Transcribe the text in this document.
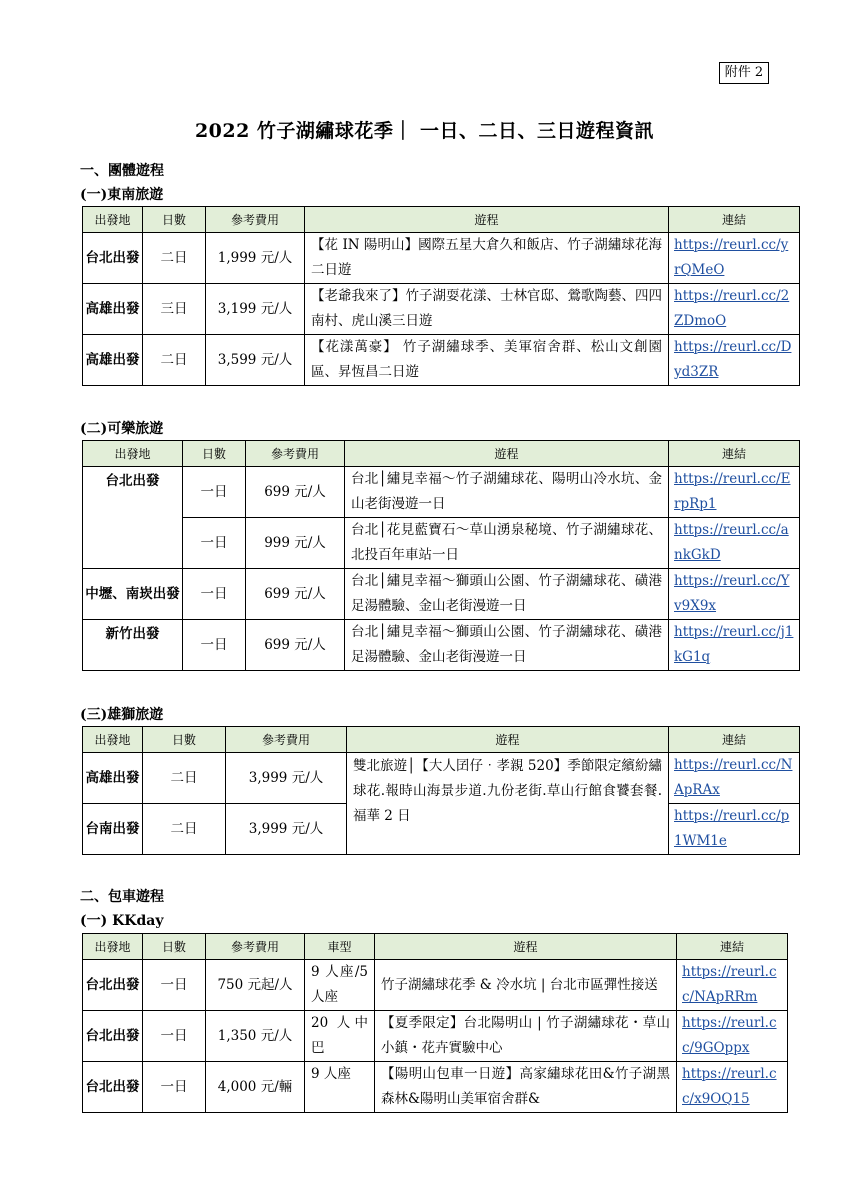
附件 2
2022 竹子湖繡球花季｜ 一日、二日、三日遊程資訊
一、團體遊程
(一)東南旅遊
出發地	日數	參考費用	遊程	連結
台北出發	二日	1,999 元/人	【花 IN 陽明山】國際五星大倉久和飯店、竹子湖繡球花海二日遊	https://reurl.cc/yrQMeO
高雄出發	三日	3,199 元/人	【老爺我來了】竹子湖耍花漾、士林官邸、鶯歌陶藝、四四南村、虎山溪三日遊	https://reurl.cc/2ZDmoO
高雄出發	二日	3,599 元/人	【花漾萬豪】 竹子湖繡球季、美軍宿舍群、松山文創園區、昇恆昌二日遊	https://reurl.cc/Dyd3ZR
(二)可樂旅遊
出發地	日數	參考費用	遊程	連結
台北出發	一日	699 元/人	台北│繡見幸福～竹子湖繡球花、陽明山冷水坑、金山老街漫遊一日	https://reurl.cc/ErpRp1
	一日	999 元/人	台北│花見藍寶石～草山湧泉秘境、竹子湖繡球花、北投百年車站一日	https://reurl.cc/ankGkD
中壢、南崁出發	一日	699 元/人	台北│繡見幸福～獅頭山公園、竹子湖繡球花、磺港足湯體驗、金山老街漫遊一日	https://reurl.cc/Yv9X9x
新竹出發	一日	699 元/人	台北│繡見幸福～獅頭山公園、竹子湖繡球花、磺港足湯體驗、金山老街漫遊一日	https://reurl.cc/j1kG1q
(三)雄獅旅遊
出發地	日數	參考費用	遊程	連結
高雄出發	二日	3,999 元/人	雙北旅遊│【大人囝仔‧孝親 520】季節限定繽紛繡球花.報時山海景步道.九份老街.草山行館食饕套餐.福華 2 日	https://reurl.cc/NApRAx
台南出發	二日	3,999 元/人		https://reurl.cc/p1WM1e
二、包車遊程
(一) KKday
出發地	日數	參考費用	車型	遊程	連結
台北出發	一日	750 元起/人	9 人座/5 人座	竹子湖繡球花季 & 冷水坑 | 台北市區彈性接送	https://reurl.cc/NApRRm
台北出發	一日	1,350 元/人	20 人中巴	【夏季限定】台北陽明山 | 竹子湖繡球花・草山小鎮・花卉實驗中心	https://reurl.cc/9GOppx
台北出發	一日	4,000 元/輛	9 人座	【陽明山包車一日遊】高家繡球花田&竹子湖黑森林&陽明山美軍宿舍群&	https://reurl.cc/x9OQ15
